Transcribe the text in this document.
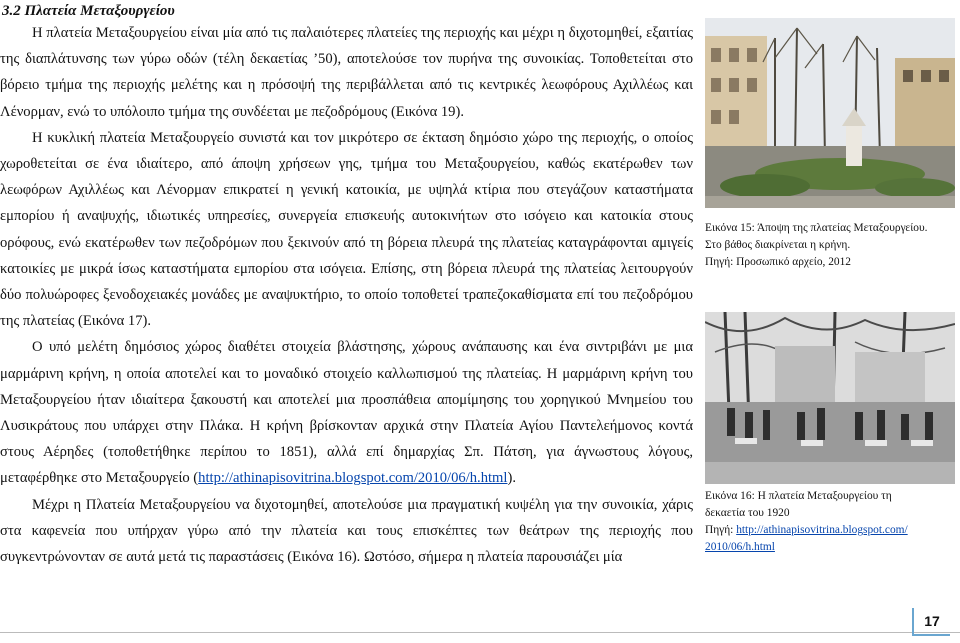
3.2 Πλατεία Μεταξουργείου

Η πλατεία Μεταξουργείου είναι μία από τις παλαιότερες πλατείες της περιοχής και μέχρι η διχοτομηθεί, εξαιτίας της διαπλάτυνσης των γύρω οδών (τέλη δεκαετίας ’50), αποτελούσε τον πυρήνα της συνοικίας. Τοποθετείται στο βόρειο τμήμα της περιοχής μελέτης και η πρόσοψή της περιβάλλεται από τις κεντρικές λεωφόρους Αχιλλέως και Λένορμαν, ενώ το υπόλοιπο τμήμα της συνδέεται με πεζοδρόμους (Εικόνα 19).

Η κυκλική πλατεία Μεταξουργείο συνιστά και τον μικρότερο σε έκταση δημόσιο χώρο της περιοχής, ο οποίος χωροθετείται σε ένα ιδιαίτερο, από άποψη χρήσεων γης, τμήμα του Μεταξουργείου, καθώς εκατέρωθεν των λεωφόρων Αχιλλέως και Λένορμαν επικρατεί η γενική κατοικία, με υψηλά κτίρια που στεγάζουν καταστήματα εμπορίου ή αναψυχής, ιδιωτικές υπηρεσίες, συνεργεία επισκευής αυτοκινήτων στο ισόγειο και κατοικία στους ορόφους, ενώ εκατέρωθεν των πεζοδρόμων που ξεκινούν από τη βόρεια πλευρά της πλατείας καταγράφονται αμιγείς κατοικίες με μικρά ίσως καταστήματα εμπορίου στα ισόγεια. Επίσης, στη βόρεια πλευρά της πλατείας λειτουργούν δύο πολυώροφες ξενοδοχειακές μονάδες με αναψυκτήριο, το οποίο τοποθετεί τραπεζοκαθίσματα επί του πεζοδρόμου της πλατείας (Εικόνα 17).

Ο υπό μελέτη δημόσιος χώρος διαθέτει στοιχεία βλάστησης, χώρους ανάπαυσης και ένα σιντριβάνι με μια μαρμάρινη κρήνη, η οποία αποτελεί και το μοναδικό στοιχείο καλλωπισμού της πλατείας. Η μαρμάρινη κρήνη του Μεταξουργείου ήταν ιδιαίτερα ξακουστή και αποτελεί μια προσπάθεια απομίμησης του χορηγικού Μνημείου του Λυσικράτους που υπάρχει στην Πλάκα. Η κρήνη βρίσκονταν αρχικά στην Πλατεία Αγίου Παντελεήμονος κοντά στους Αέρηδες (τοποθετήθηκε περίπου το 1851), αλλά επί δημαρχίας Σπ. Πάτση, για άγνωστους λόγους, μεταφέρθηκε στο Μεταξουργείο (http://athinapisovitrina.blogspot.com/2010/06/h.html).

Μέχρι η Πλατεία Μεταξουργείου να διχοτομηθεί, αποτελούσε μια πραγματική κυψέλη για την συνοικία, χάρις στα καφενεία που υπήρχαν γύρω από την πλατεία και τους επισκέπτες των θεάτρων της περιοχής που συγκεντρώνονταν σε αυτά μετά τις παραστάσεις (Εικόνα 16). Ωστόσο, σήμερα η πλατεία παρουσιάζει μία

Εικόνα 15: Άποψη της πλατείας Μεταξουργείου.
Στο βάθος διακρίνεται η κρήνη.
Πηγή: Προσωπικό αρχείο, 2012
Εικόνα 16: Η πλατεία Μεταξουργείου τη
δεκαετία του 1920
Πηγή: http://athinapisovitrina.blogspot.com/
2010/06/h.html
17
